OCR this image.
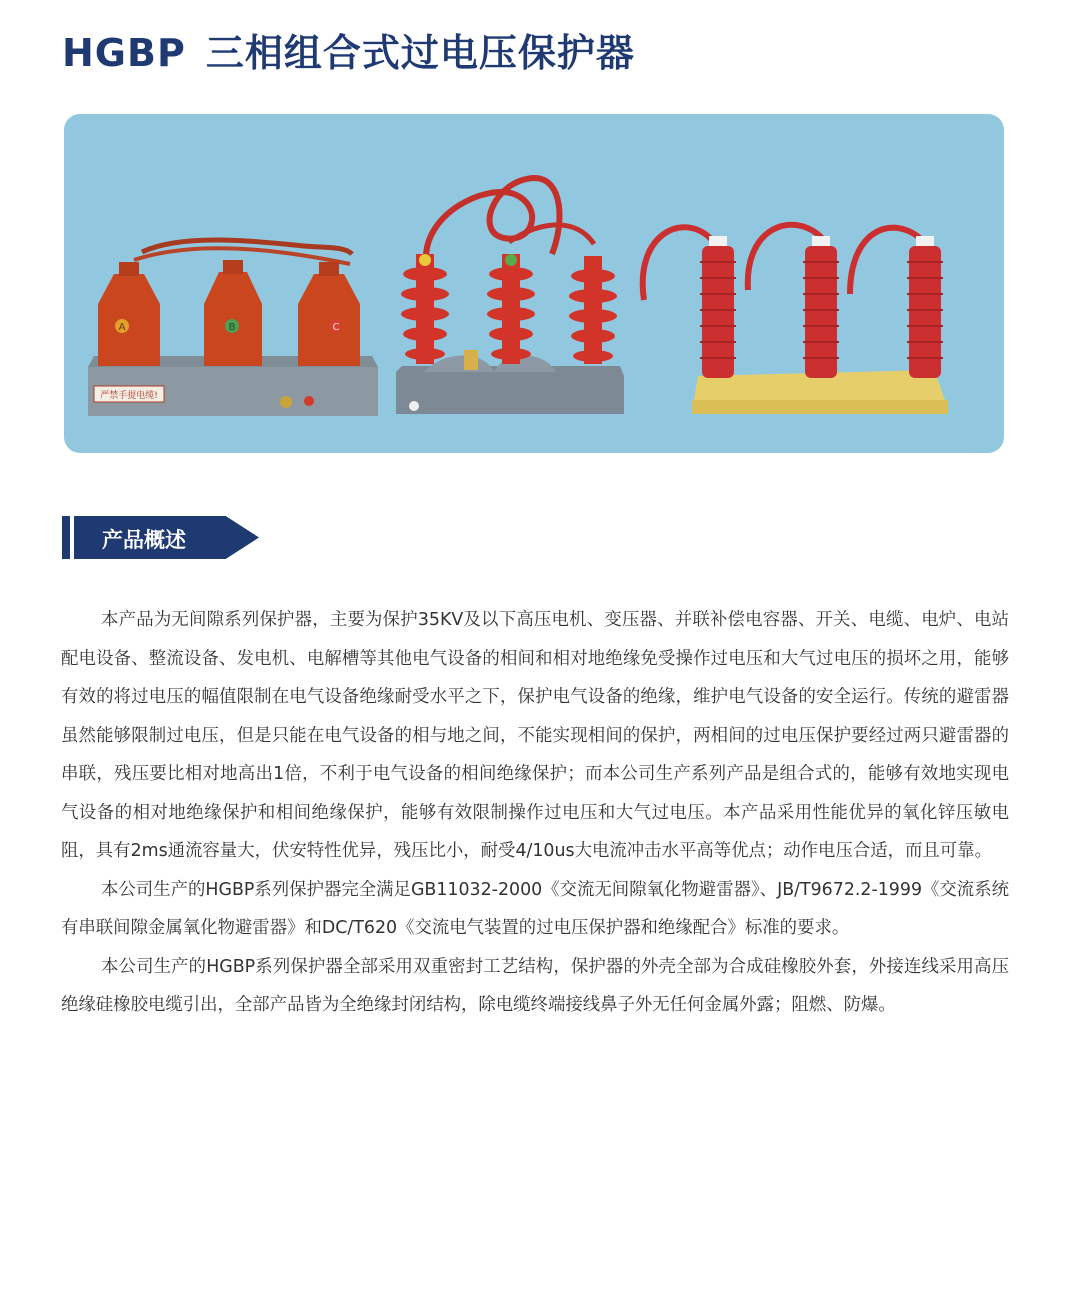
HGBP 三相组合式过电压保护器
严禁手提电缆!
A	B	C
产品概述

本产品为无间隙系列保护器，主要为保护35KV及以下高压电机、变压器、并联补偿电容器、开关、电缆、电炉、电站配电设备、整流设备、发电机、电解槽等其他电气设备的相间和相对地绝缘免受操作过电压和大气过电压的损坏之用，能够有效的将过电压的幅值限制在电气设备绝缘耐受水平之下，保护电气设备的绝缘，维护电气设备的安全运行。传统的避雷器虽然能够限制过电压，但是只能在电气设备的相与地之间，不能实现相间的保护，两相间的过电压保护要经过两只避雷器的串联，残压要比相对地高出1倍，不利于电气设备的相间绝缘保护；而本公司生产系列产品是组合式的，能够有效地实现电气设备的相对地绝缘保护和相间绝缘保护，能够有效限制操作过电压和大气过电压。本产品采用性能优异的氧化锌压敏电阻，具有2ms通流容量大，伏安特性优异，残压比小，耐受4/10us大电流冲击水平高等优点；动作电压合适，而且可靠。

本公司生产的HGBP系列保护器完全满足GB11032-2000《交流无间隙氧化物避雷器》、JB/T9672.2-1999《交流系统有串联间隙金属氧化物避雷器》和DC/T620《交流电气装置的过电压保护器和绝缘配合》标准的要求。

本公司生产的HGBP系列保护器全部采用双重密封工艺结构，保护器的外壳全部为合成硅橡胶外套，外接连线采用高压绝缘硅橡胶电缆引出，全部产品皆为全绝缘封闭结构，除电缆终端接线鼻子外无任何金属外露；阻燃、防爆。
